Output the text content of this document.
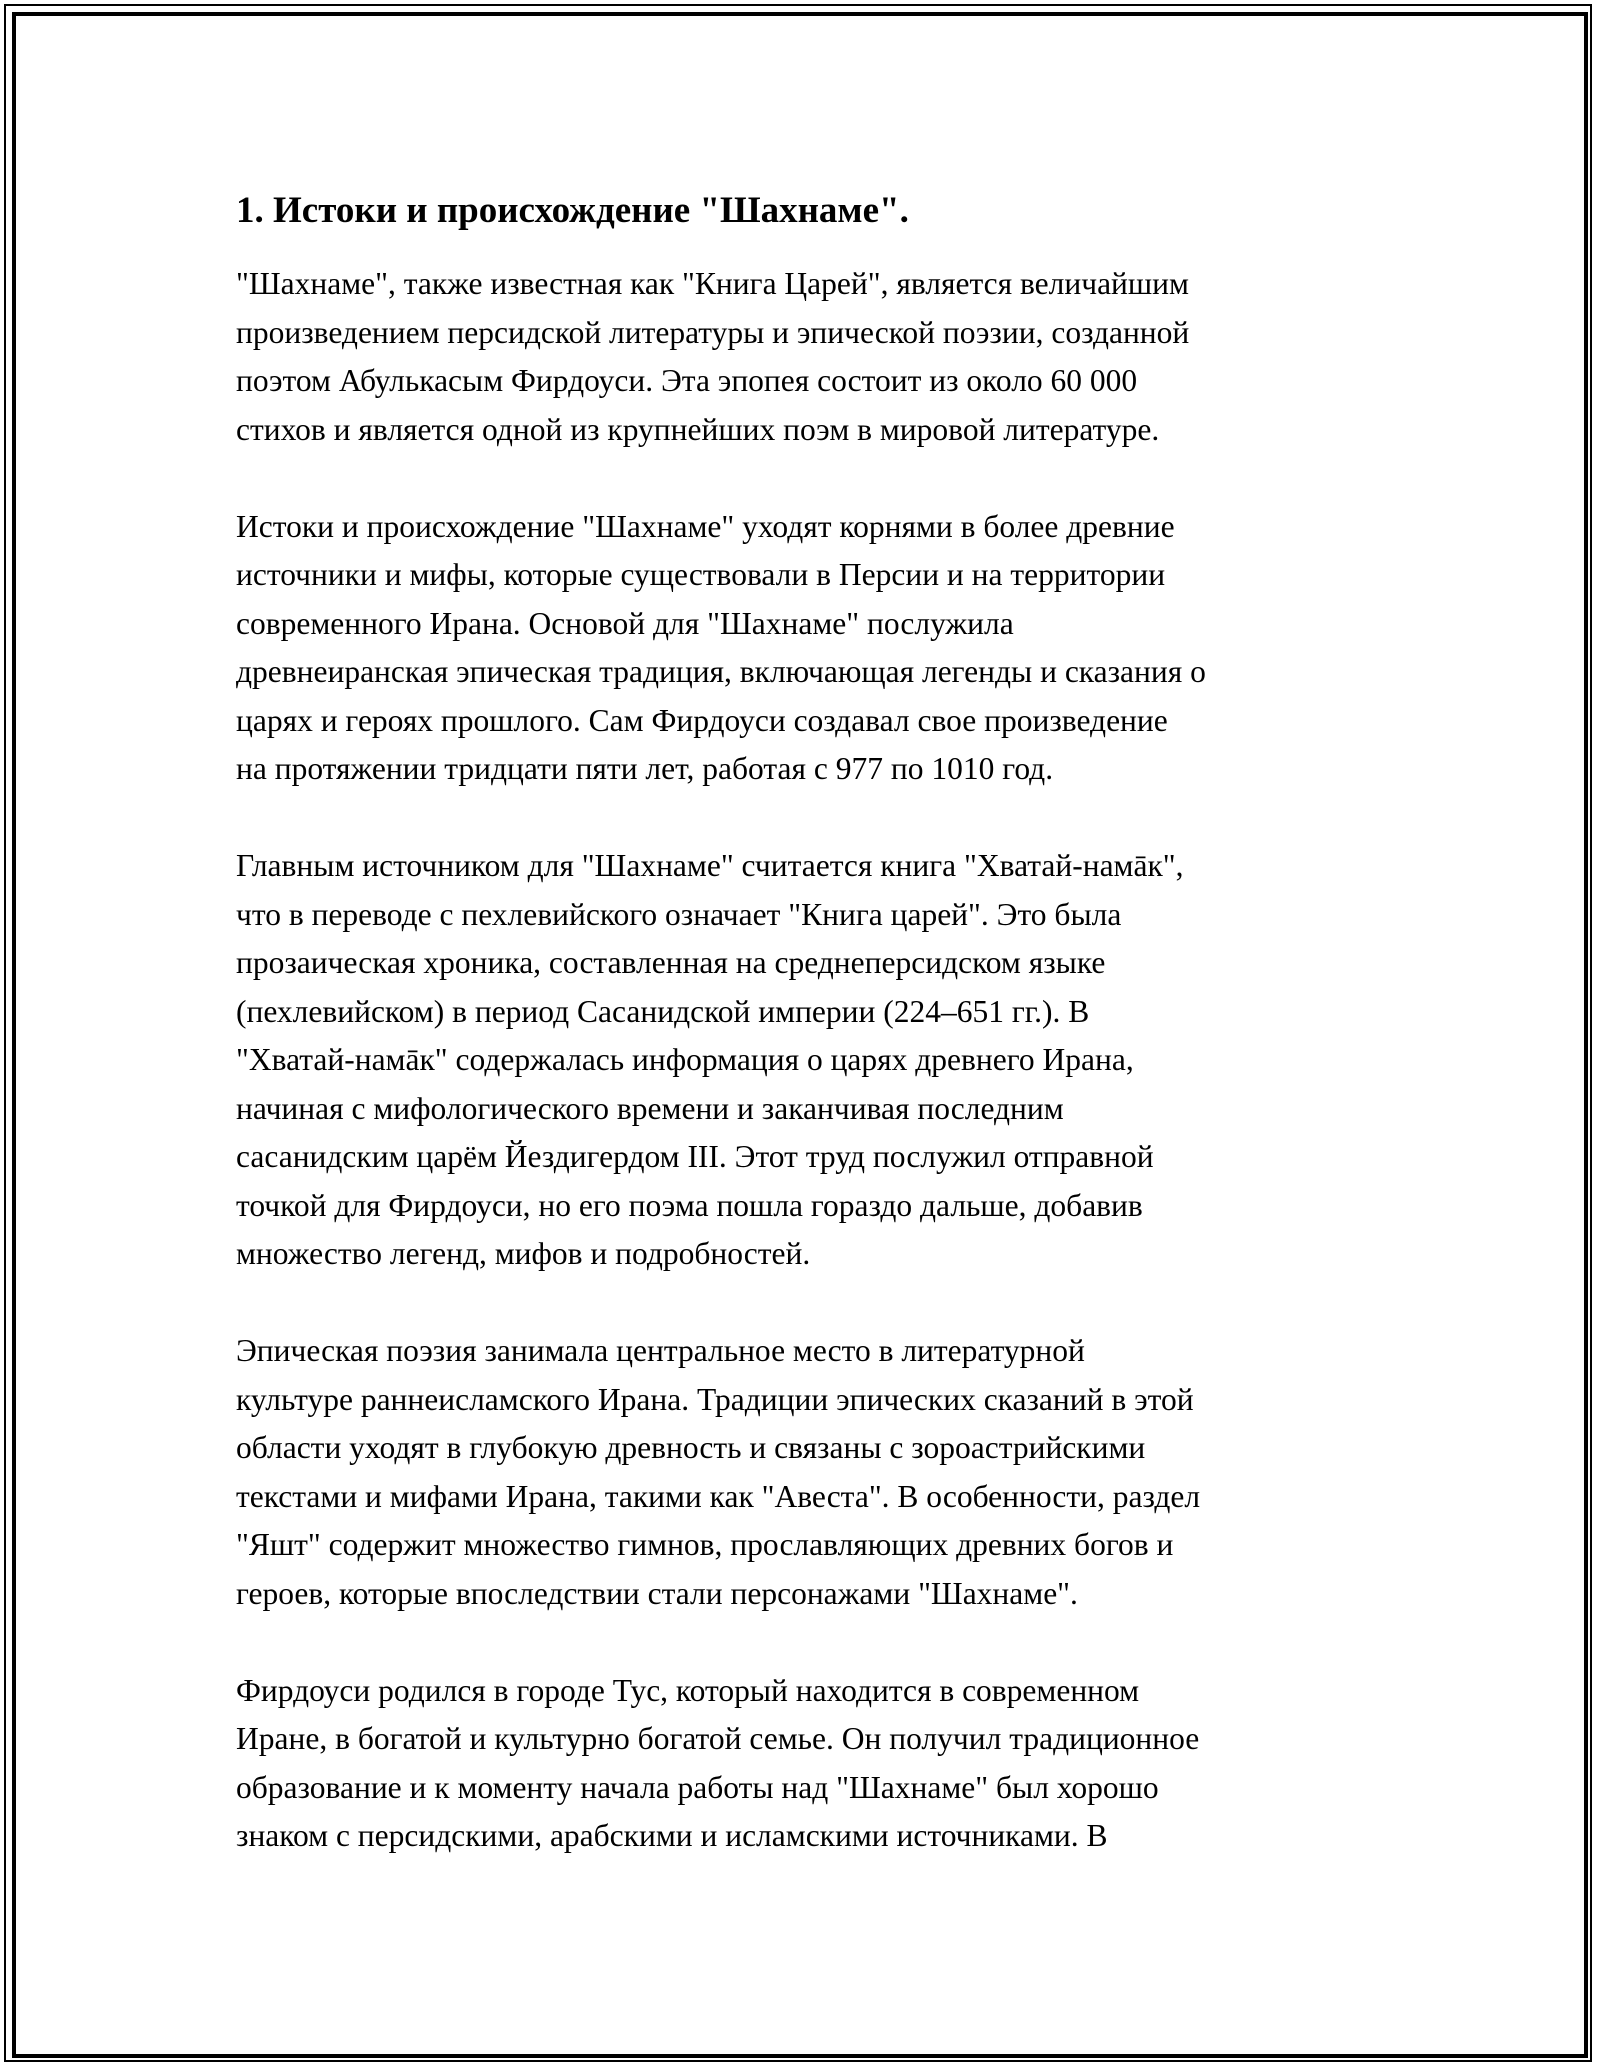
1. Истоки и происхождение "Шахнаме".
"Шахнаме", также известная как "Книга Царей", является величайшим
произведением персидской литературы и эпической поэзии, созданной
поэтом Абулькасым Фирдоуси. Эта эпопея состоит из около 60 000
стихов и является одной из крупнейших поэм в мировой литературе.
Истоки и происхождение "Шахнаме" уходят корнями в более древние
источники и мифы, которые существовали в Персии и на территории
современного Ирана. Основой для "Шахнаме" послужила
древнеиранская эпическая традиция, включающая легенды и сказания о
царях и героях прошлого. Сам Фирдоуси создавал свое произведение
на протяжении тридцати пяти лет, работая с 977 по 1010 год.
Главным источником для "Шахнаме" считается книга "Хватай-намāк",
что в переводе с пехлевийского означает "Книга царей". Это была
прозаическая хроника, составленная на среднеперсидском языке
(пехлевийском) в период Сасанидской империи (224–651 гг.). В
"Хватай-намāк" содержалась информация о царях древнего Ирана,
начиная с мифологического времени и заканчивая последним
сасанидским царём Йездигердом III. Этот труд послужил отправной
точкой для Фирдоуси, но его поэма пошла гораздо дальше, добавив
множество легенд, мифов и подробностей.
Эпическая поэзия занимала центральное место в литературной
культуре раннеисламского Ирана. Традиции эпических сказаний в этой
области уходят в глубокую древность и связаны с зороастрийскими
текстами и мифами Ирана, такими как "Авеста". В особенности, раздел
"Яшт" содержит множество гимнов, прославляющих древних богов и
героев, которые впоследствии стали персонажами "Шахнаме".
Фирдоуси родился в городе Тус, который находится в современном
Иране, в богатой и культурно богатой семье. Он получил традиционное
образование и к моменту начала работы над "Шахнаме" был хорошо
знаком с персидскими, арабскими и исламскими источниками. В
